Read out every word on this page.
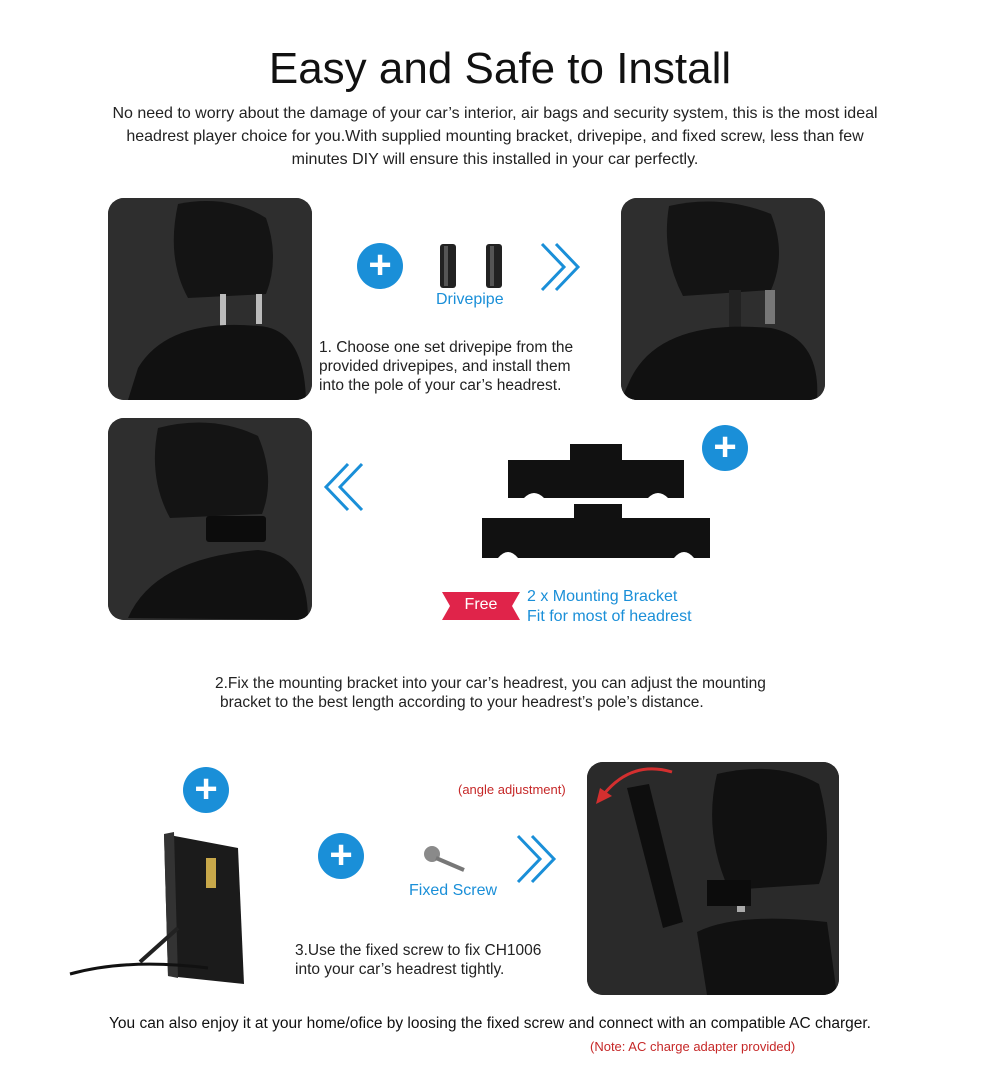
Easy and Safe to Install
No need to worry about the damage of your car’s interior, air bags and security system, this is the most ideal headrest player choice for you.With supplied mounting bracket, drivepipe, and fixed screw, less than few minutes DIY will ensure this installed in your car perfectly.
+
Drivepipe
1. Choose one set drivepipe from the
provided drivepipes, and install them
into the pole of your car’s headrest.
+
Free	2 x Mounting Bracket
Fit for most of headrest
2.Fix the mounting bracket into your car’s headrest, you can adjust the mounting
bracket to the best length according to your headrest’s pole’s distance.
+
+
Fixed Screw
3.Use the fixed screw to fix CH1006
into your car’s headrest tightly.
(angle adjustment)
You can also enjoy it at your home/ofice by loosing the fixed screw and connect with an compatible AC charger.
(Note: AC charge adapter provided)
